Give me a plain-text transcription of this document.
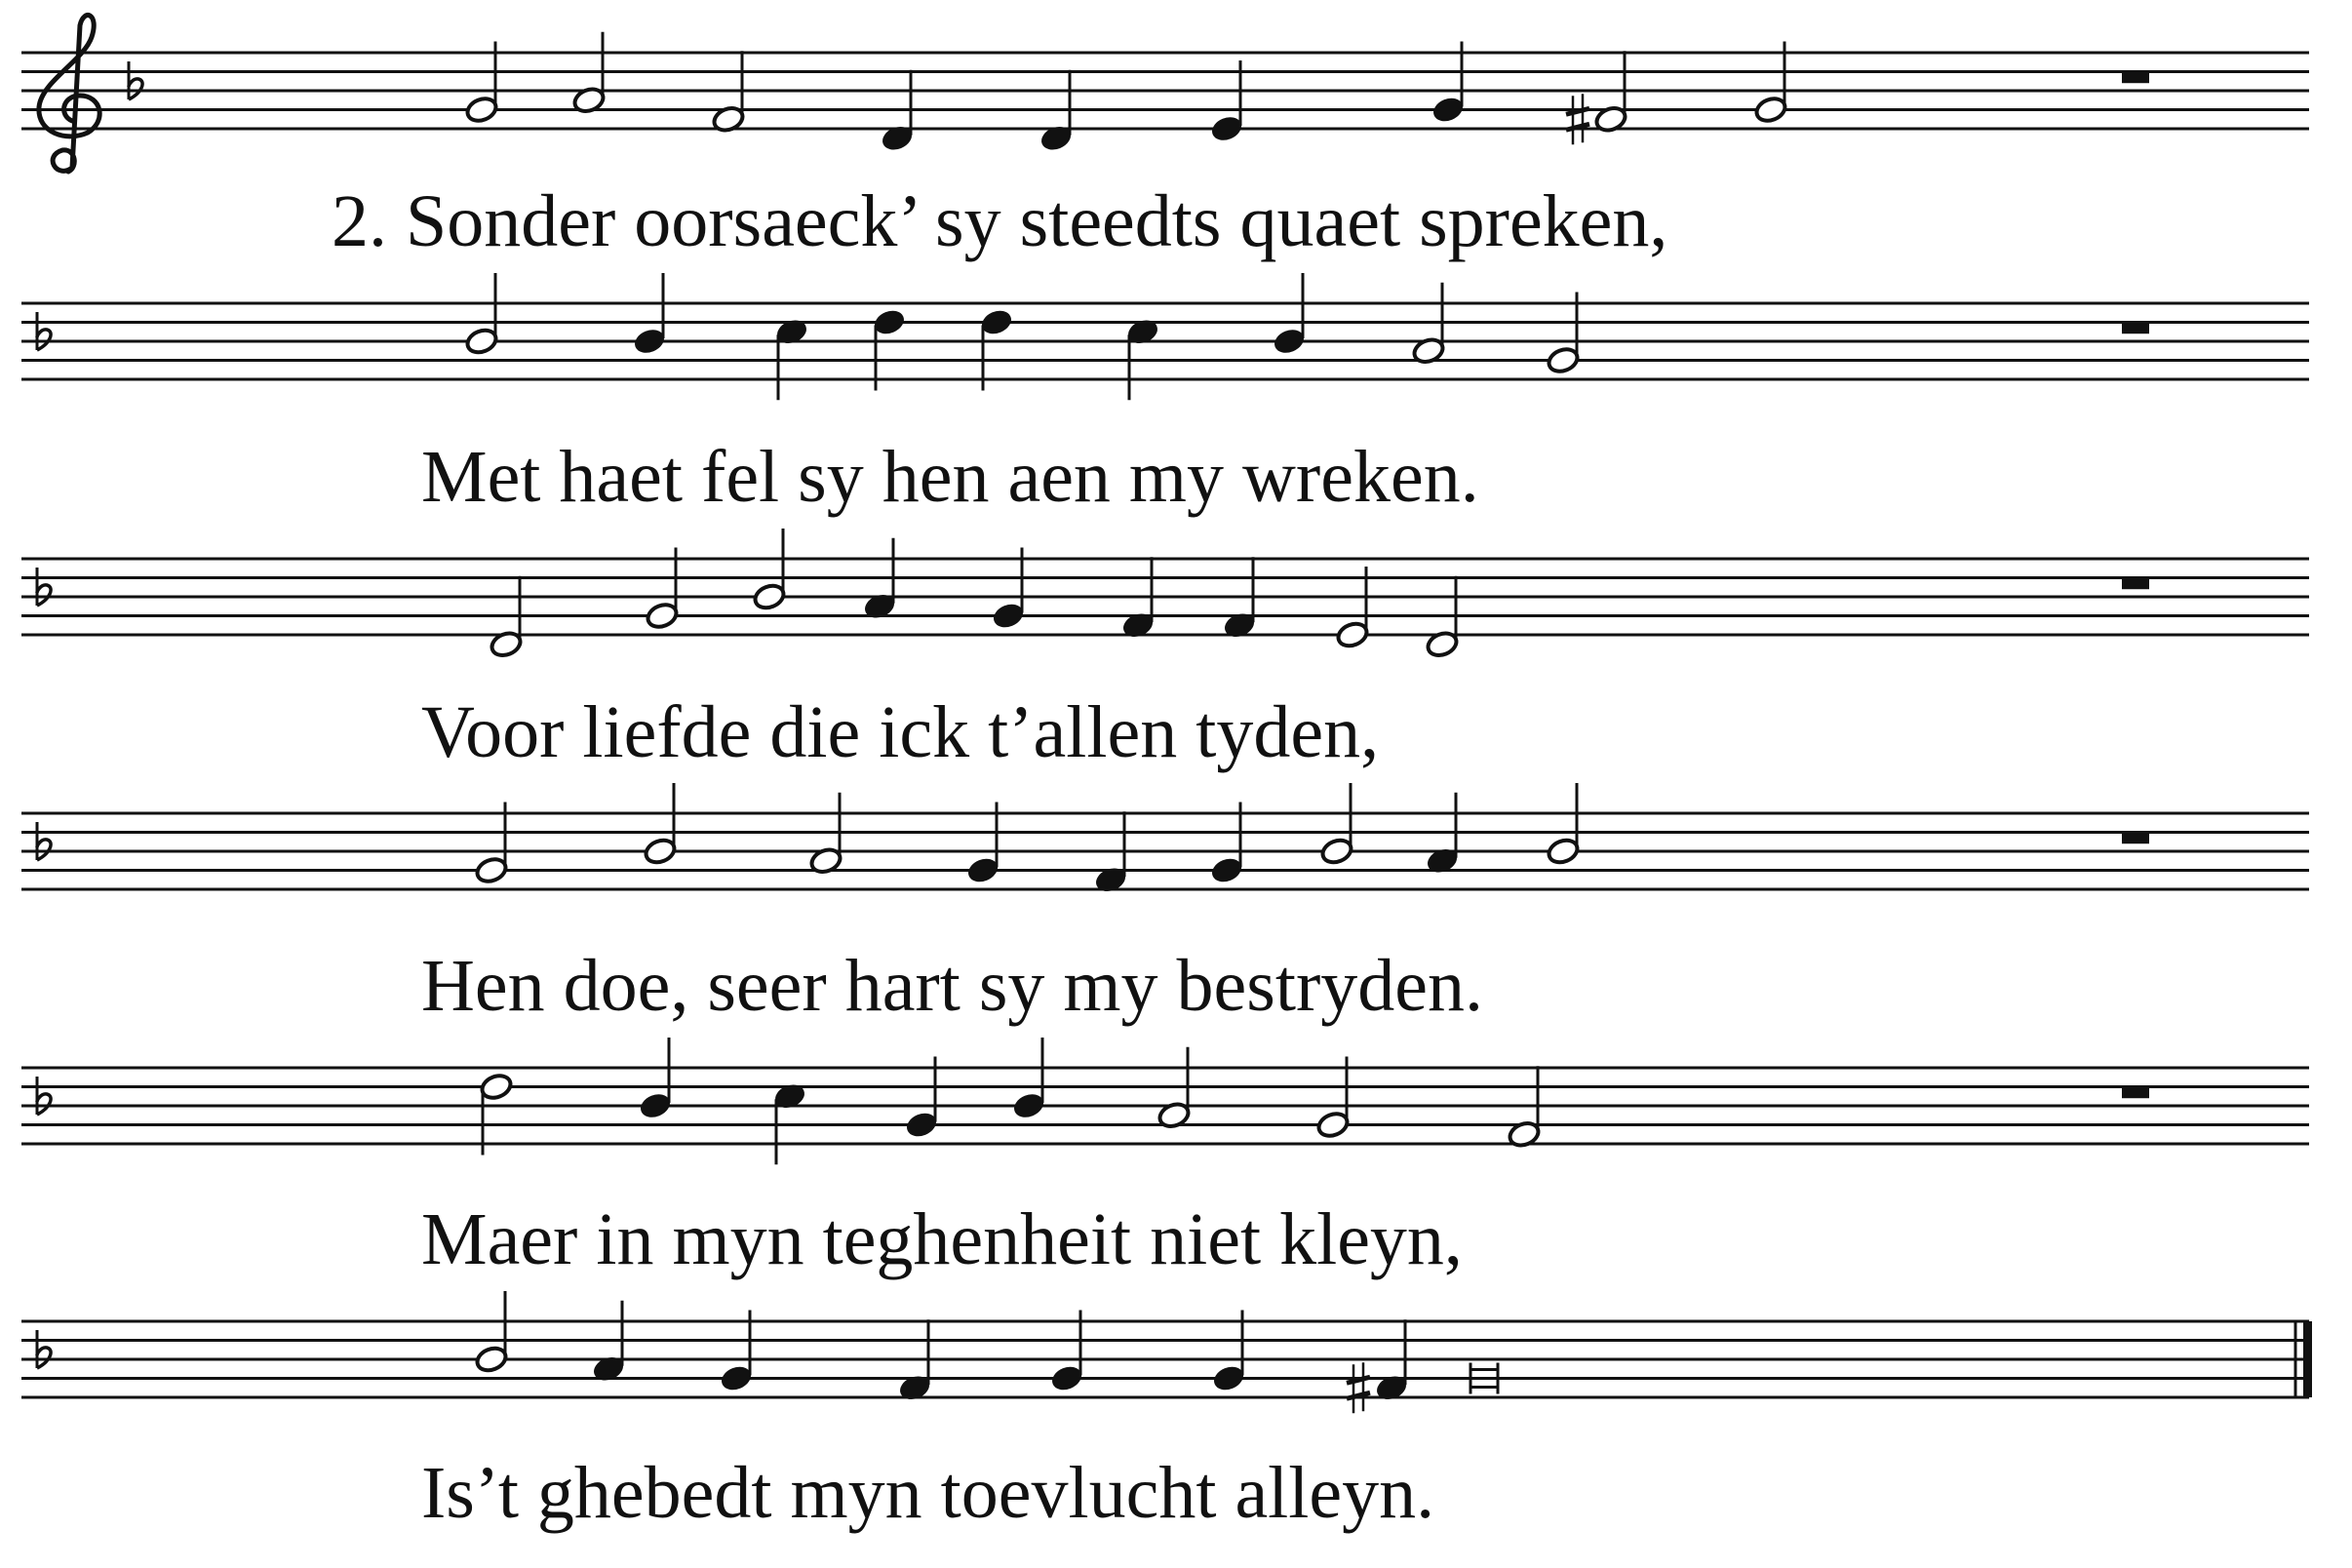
2. Sonder oorsaeck’ sy steedts quaet spreken,
Met haet fel sy hen aen my wreken.
Voor liefde die ick t’allen tyden,
Hen doe, seer hart sy my bestryden.
Maer in myn teghenheit niet kleyn,
Is’t ghebedt myn toevlucht alleyn.
